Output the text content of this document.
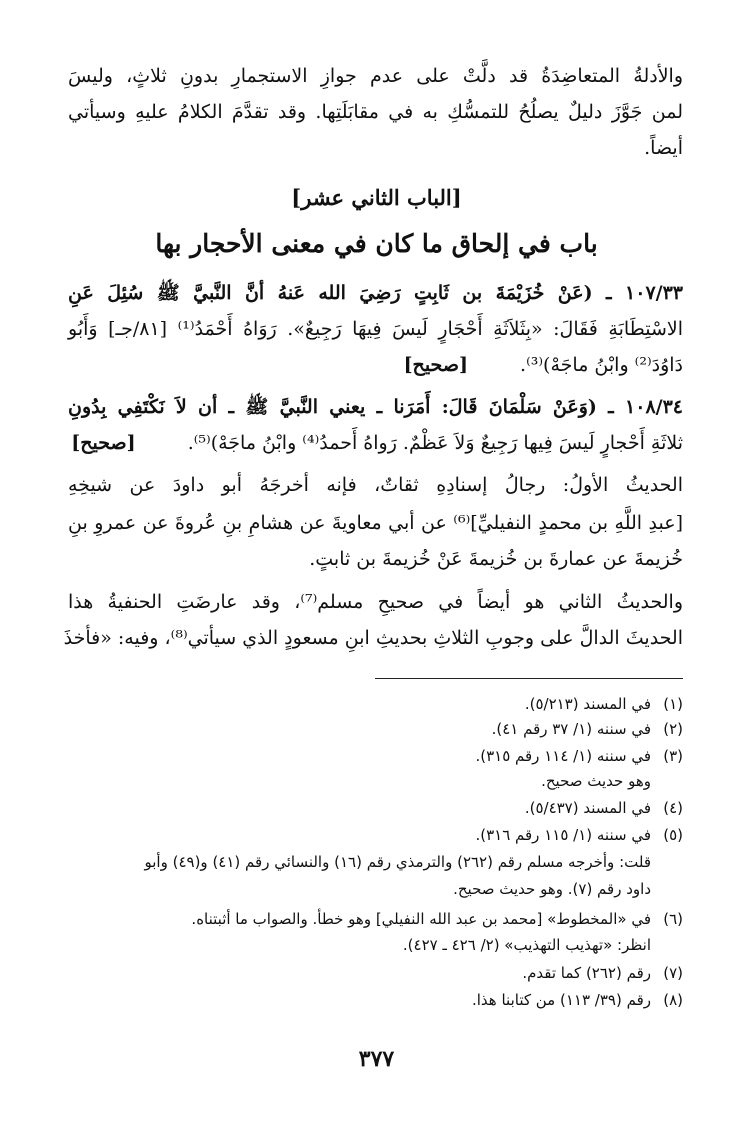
والأدلةُ المتعاضِدَةُ قد دلَّتْ على عدم جوازِ الاستجمارِ بدونِ ثلاثٍ، وليسَ
لمن جَوَّزَ دليلٌ يصلُحُ للتمسُّكِ به في مقابَلَتِها. وقد تقدَّمَ الكلامُ عليهِ وسيأتي
أيضاً.
[الباب الثاني عشر]
باب في إلحاق ما كان في معنى الأحجار بها
١٠٧/٣٣ ـ (عَنْ خُزَيْمَةَ بن ثَابِتٍ رَضِيَ الله عَنهُ أنَّ النَّبيَّ ﷺ سُئِلَ عَنِ
الاسْتِطَابَةِ فَقَالَ: «بِثَلاَثَةِ أَحْجَارٍ لَيسَ فِيهَا رَجِيعٌ». رَوَاهُ أَحْمَدُ⁽¹⁾ [٨١/جـ] وَأَبُو
دَاوُدَ⁽²⁾ وابْنُ ماجَهْ)⁽³⁾.  [صحيح]
١٠٨/٣٤ ـ (وَعَنْ سَلْمَانَ قَالَ: أَمَرَنا ـ يعني النَّبيَّ ﷺ ـ أن لاَ نَكْتَفِي بِدُونِ
ثلاثَةِ أَحْجارٍ لَيسَ فِيها رَجِيعٌ وَلاَ عَظْمٌ. رَواهُ أَحمدُ⁽⁴⁾ وابْنُ ماجَهْ)⁽⁵⁾.  [صحيح]
الحديثُ الأولُ: رجالُ إسنادِهِ ثقاتٌ، فإنه أخرجَهُ أبو داودَ عن شيخِهِ
[عبدِ اللَّهِ بن محمدٍ النفيليِّ]⁽⁶⁾ عن أبي معاويةَ عن هشامِ بنِ عُروةَ عن عمروِ بنِ
خُزيمةَ عن عمارةَ بن خُزيمةَ عَنْ خُزيمةَ بن ثابتٍ.
والحديثُ الثاني هو أيضاً في صحيحِ مسلم⁽⁷⁾، وقد عارضَتِ الحنفيةُ هذا
الحديثَ الدالَّ على وجوبِ الثلاثِ بحديثِ ابنِ مسعودٍ الذي سيأتي⁽⁸⁾، وفيه: «فأخذَ
(١)في المسند (٥/٢١٣).
(٢)في سننه (١/ ٣٧ رقم ٤١).
(٣)في سننه (١/ ١١٤ رقم ٣١٥).
وهو حديث صحيح.
(٤)في المسند (٥/٤٣٧).
(٥)في سننه (١/ ١١٥ رقم ٣١٦).
قلت: وأخرجه مسلم رقم (٢٦٢) والترمذي رقم (١٦) والنسائي رقم (٤١) و(٤٩) وأبو
داود رقم (٧). وهو حديث صحيح.
(٦)في «المخطوط» [محمد بن عبد الله النفيلي] وهو خطأ. والصواب ما أثبتناه.
انظر: «تهذيب التهذيب» (٢/ ٤٢٦ ـ ٤٢٧).
(٧)رقم (٢٦٢) كما تقدم.
(٨)رقم (٣٩/ ١١٣) من كتابنا هذا.
٣٧٧
